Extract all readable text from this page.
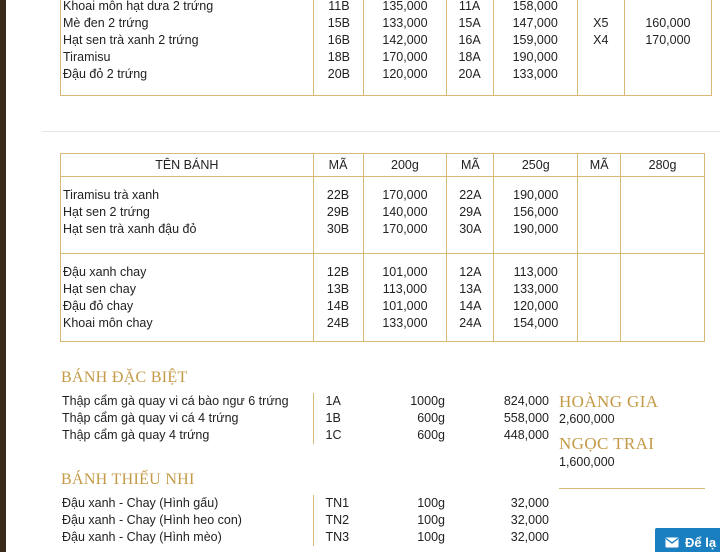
Khoai môn hạt dưa 2 trứng	11B	135,000	11A	158,000		
Mè đen 2 trứng	15B	133,000	15A	147,000	X5	160,000
Hạt sen trà xanh 2 trứng	16B	142,000	16A	159,000	X4	170,000
Tiramisu	18B	170,000	18A	190,000		
Đậu đỏ 2 trứng	20B	120,000	20A	133,000		
TÊN BÁNH	MÃ	200g	MÃ	250g	MÃ	280g

Tiramisu trà xanh	22B	170,000	22A	190,000		
Hạt sen 2 trứng	29B	140,000	29A	156,000		
Hạt sen trà xanh đậu đỏ	30B	170,000	30A	190,000		

Đậu xanh chay	12B	101,000	12A	113,000		
Hạt sen chay	13B	113,000	13A	133,000		
Đậu đỏ chay	14B	101,000	14A	120,000		
Khoai môn chay	24B	133,000	24A	154,000		

BÁNH ĐẶC BIỆT
Thập cẩm gà quay vi cá bào ngư 6 trứng	1A	1000g	824,000
Thập cẩm gà quay vi cá 4 trứng	1B	600g	558,000
Thập cẩm gà quay 4 trứng	1C	600g	448,000
BÁNH THIẾU NHI
Đậu xanh - Chay (Hình gấu)	TN1	100g	32,000
Đậu xanh - Chay (Hình heo con)	TN2	100g	32,000
Đậu xanh - Chay (Hình mèo)	TN3	100g	32,000
HOÀNG GIA
2,600,000
NGỌC TRAI
1,600,000
Để lạ
